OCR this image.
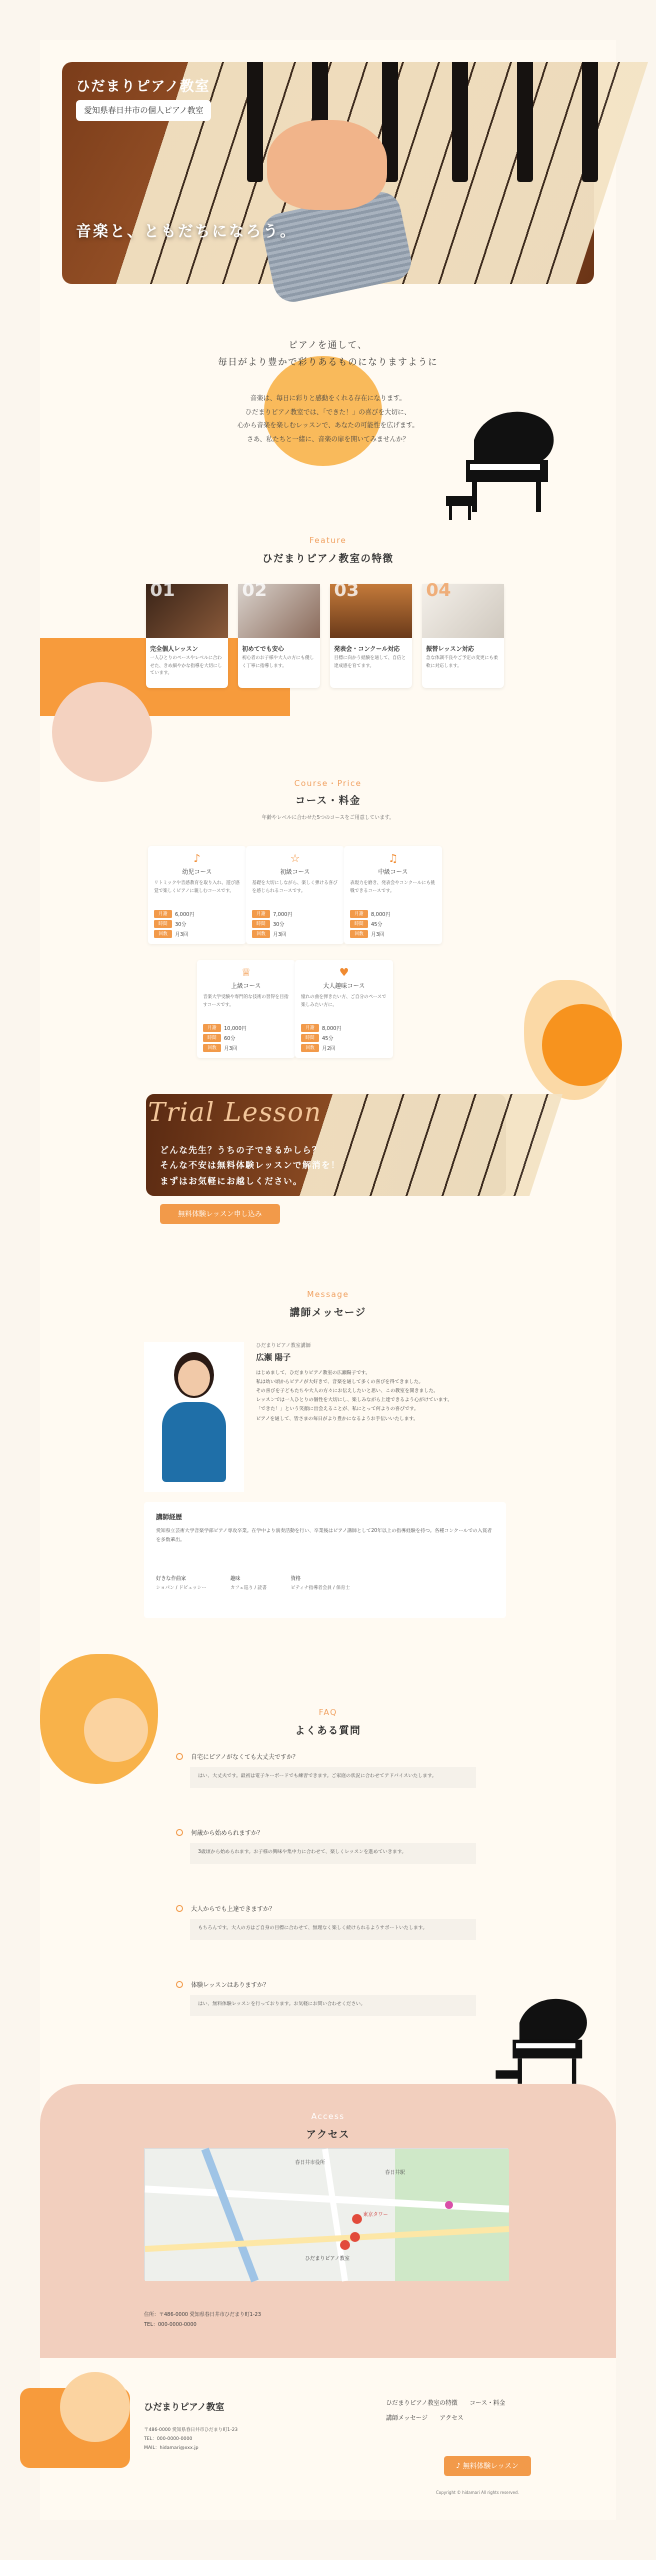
ひだまりピアノ教室
愛知県春日井市の個人ピアノ教室
音楽と、ともだちになろう。
ピアノを通して、
毎日がより豊かで彩りあるものになりますように
音楽は、毎日に彩りと感動をくれる存在になります。
ひだまりピアノ教室では、「できた！」の喜びを大切に、
心から音楽を楽しむレッスンで、あなたの可能性を広げます。
さあ、私たちと一緒に、音楽の扉を開いてみませんか？
Feature
ひだまりピアノ教室の特徴
01
完全個人レッスン
一人ひとりのペースやレベルに合わせた、きめ細やかな指導を大切にしています。
02
初めてでも安心
初心者のお子様や大人の方にも優しく丁寧に指導します。
03
発表会・コンクール対応
目標に向かう経験を通して、自信と達成感を育てます。
04
振替レッスン対応
急な体調不良やご予定の変更にも柔軟に対応します。
Course・Price
コース・料金
年齢やレベルに合わせた5つのコースをご用意しています。
♪
幼児コース
リトミックや音感教育を取り入れ、遊び感覚で楽しくピアノに親しむコースです。
月謝	6,000円
時間	30分
回数	月3回
☆
初級コース
基礎を大切にしながら、楽しく弾ける喜びを感じられるコースです。
月謝	7,000円
時間	30分
回数	月3回
♫
中級コース
表現力を磨き、発表会やコンクールにも挑戦できるコースです。
月謝	8,000円
時間	45分
回数	月3回
♕
上級コース
音楽大学受験や専門的な技術の習得を目指すコースです。
月謝	10,000円
時間	60分
回数	月3回
♥
大人趣味コース
憧れの曲を弾きたい方、ご自分のペースで楽しみたい方に。
月謝	8,000円
時間	45分
回数	月2回
Trial Lesson
どんな先生？うちの子できるかしら？
そんな不安は無料体験レッスンで解消を！
まずはお気軽にお越しください。
無料体験レッスン申し込み
Message
講師メッセージ
ひだまりピアノ教室講師
広瀬 陽子
はじめまして、ひだまりピアノ教室の広瀬陽子です。
私は幼い頃からピアノが大好きで、音楽を通して多くの喜びを得てきました。
その喜びを子どもたちや大人の方々にお伝えしたいと思い、この教室を開きました。
レッスンでは一人ひとりの個性を大切にし、楽しみながら上達できるよう心がけています。
「できた！」という笑顔に出会えることが、私にとって何よりの喜びです。
ピアノを通して、皆さまの毎日がより豊かになるようお手伝いいたします。
講師経歴
愛知県立芸術大学音楽学部ピアノ専攻卒業。在学中より演奏活動を行い、卒業後はピアノ講師として20年以上の指導経験を持つ。各種コンクールでの入賞者を多数輩出。
好きな作曲家
ショパン / ドビュッシー
趣味
カフェ巡り / 読書
資格
ピティナ指導者会員 / 保育士
FAQ
よくある質問
自宅にピアノがなくても大丈夫ですか？
はい、大丈夫です。最初は電子キーボードでも練習できます。ご家庭の状況に合わせてアドバイスいたします。
何歳から始められますか？
3歳頃から始められます。お子様の興味や集中力に合わせて、楽しくレッスンを進めていきます。
大人からでも上達できますか？
もちろんです。大人の方はご自身の目標に合わせて、無理なく楽しく続けられるようサポートいたします。
体験レッスンはありますか？
はい、無料体験レッスンを行っております。お気軽にお問い合わせください。
Access
アクセス
春日井市役所
春日井駅
東京タワー
ひだまりピアノ教室
住所：〒486-0000 愛知県春日井市ひだまり町1-23
TEL：000-0000-0000
ひだまりピアノ教室
〒486-0000 愛知県春日井市ひだまり町1-23
TEL：000-0000-0000
MAIL：hidamari@xxx.jp
ひだまりピアノ教室の特徴 コース・料金
講師メッセージ アクセス
♪ 無料体験レッスン
Copyright © hidamari All rights reserved.
